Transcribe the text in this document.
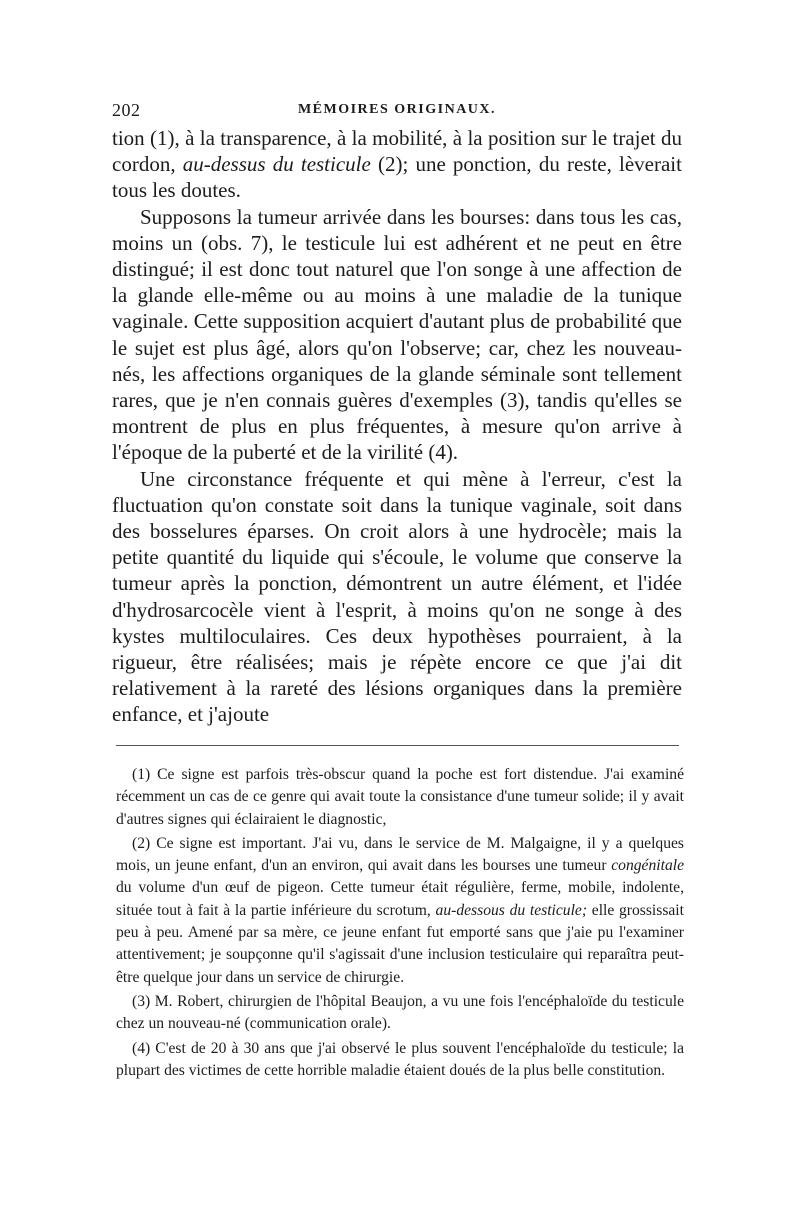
202	MÉMOIRES ORIGINAUX.

tion (1), à la transparence, à la mobilité, à la position sur le trajet du cordon, au-dessus du testicule (2); une ponction, du reste, lèverait tous les doutes.

Supposons la tumeur arrivée dans les bourses: dans tous les cas, moins un (obs. 7), le testicule lui est adhérent et ne peut en être distingué; il est donc tout naturel que l'on songe à une affection de la glande elle-même ou au moins à une maladie de la tunique vaginale. Cette supposition acquiert d'autant plus de probabilité que le sujet est plus âgé, alors qu'on l'observe; car, chez les nouveau-nés, les affections organiques de la glande séminale sont tellement rares, que je n'en connais guères d'exemples (3), tandis qu'elles se montrent de plus en plus fréquentes, à mesure qu'on arrive à l'époque de la puberté et de la virilité (4).

Une circonstance fréquente et qui mène à l'erreur, c'est la fluctuation qu'on constate soit dans la tunique vaginale, soit dans des bosselures éparses. On croit alors à une hydrocèle; mais la petite quantité du liquide qui s'écoule, le volume que conserve la tumeur après la ponction, démontrent un autre élément, et l'idée d'hydrosarcocèle vient à l'esprit, à moins qu'on ne songe à des kystes multiloculaires. Ces deux hypothèses pourraient, à la rigueur, être réalisées; mais je répète encore ce que j'ai dit relativement à la rareté des lésions organiques dans la première enfance, et j'ajoute

(1) Ce signe est parfois très-obscur quand la poche est fort distendue. J'ai examiné récemment un cas de ce genre qui avait toute la consistance d'une tumeur solide; il y avait d'autres signes qui éclairaient le diagnostic,

(2) Ce signe est important. J'ai vu, dans le service de M. Malgaigne, il y a quelques mois, un jeune enfant, d'un an environ, qui avait dans les bourses une tumeur congénitale du volume d'un œuf de pigeon. Cette tumeur était régulière, ferme, mobile, indolente, située tout à fait à la partie inférieure du scrotum, au-dessous du testicule; elle grossissait peu à peu. Amené par sa mère, ce jeune enfant fut emporté sans que j'aie pu l'examiner attentivement; je soupçonne qu'il s'agissait d'une inclusion testiculaire qui reparaîtra peut-être quelque jour dans un service de chirurgie.

(3) M. Robert, chirurgien de l'hôpital Beaujon, a vu une fois l'encéphaloïde du testicule chez un nouveau-né (communication orale).

(4) C'est de 20 à 30 ans que j'ai observé le plus souvent l'encéphaloïde du testicule; la plupart des victimes de cette horrible maladie étaient doués de la plus belle constitution.
